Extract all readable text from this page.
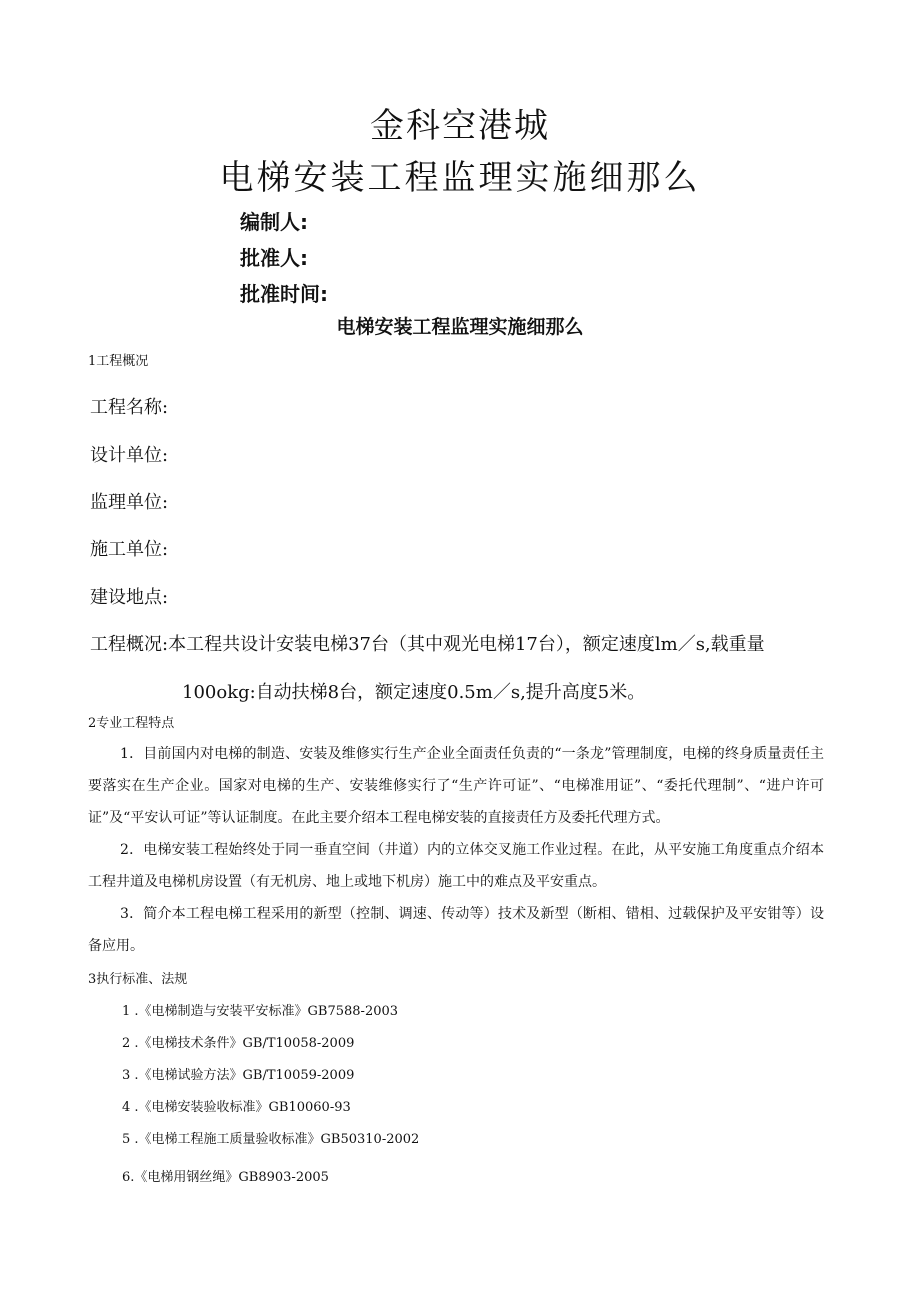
金科空港城
电梯安装工程监理实施细那么
编制人:
批准人:
批准时间:
电梯安装工程监理实施细那么
1工程概况
工程名称:
设计单位:
监理单位:
施工单位:
建设地点:
工程概况:本工程共设计安装电梯37台（其中观光电梯17台），额定速度lm／s,载重量
100okg:自动扶梯8台，额定速度0.5m／s,提升高度5米。
2专业工程特点
1．目前国内对电梯的制造、安装及维修实行生产企业全面责任负责的“一条龙”管理制度，电梯的终身质量责任主要落实在生产企业。国家对电梯的生产、安装维修实行了“生产许可证”、“电梯准用证”、“委托代理制”、“进户许可证”及“平安认可证”等认证制度。在此主要介绍本工程电梯安装的直接责任方及委托代理方式。
2．电梯安装工程始终处于同一垂直空间（井道）内的立体交叉施工作业过程。在此，从平安施工角度重点介绍本工程井道及电梯机房设置（有无机房、地上或地下机房）施工中的难点及平安重点。
3．简介本工程电梯工程采用的新型（控制、调速、传动等）技术及新型（断相、错相、过载保护及平安钳等）设备应用。
3执行标准、法规
1 .《电梯制造与安装平安标准》GB7588-2003
2 .《电梯技术条件》GB/T10058-2009
3 .《电梯试验方法》GB/T10059-2009
4 .《电梯安装验收标准》GB10060-93
5 .《电梯工程施工质量验收标准》GB50310-2002
6.《电梯用钢丝绳》GB8903-2005
